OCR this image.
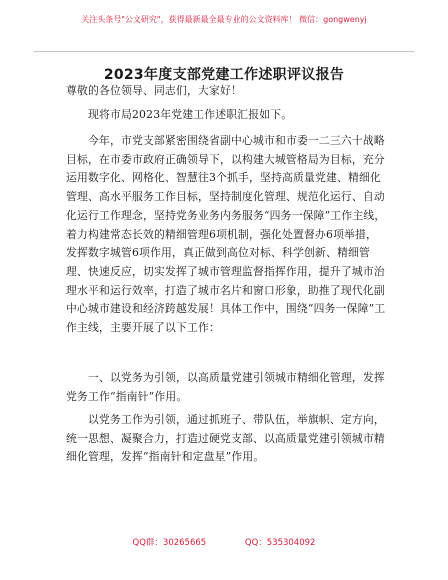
关注头条号"公文研究"，获得最新最全最专业的公文资料库！ 微信：gongwenyj
2023年度支部党建工作述职评议报告

尊敬的各位领导、同志们，大家好！

现将市局2023年党建工作述职汇报如下。

今年，市党支部紧密围绕省副中心城市和市委一二三六十战略目标，在市委市政府正确领导下，以构建大城管格局为目标，充分运用数字化、网格化、智慧往3个抓手，坚持高质量党建、精细化管理、高水平服务工作目标，坚持制度化管理、规范化运行、自动化运行工作理念，坚持党务业务内务服务“四务一保障”工作主线，着力构建常态长效的精细管理6项机制，强化处置督办6项举措，发挥数字城管6项作用，真正做到高位对标、科学创新、精细管理、快速反应，切实发挥了城市管理监督指挥作用，提升了城市治理水平和运行效率，打造了城市名片和窗口形象，助推了现代化副中心城市建设和经济跨越发展！具体工作中，围绕“四务一保障”工作主线，主要开展了以下工作：

一、以党务为引领，以高质量党建引领城市精细化管理，发挥党务工作“指南针”作用。

以党务工作为引领，通过抓班子、带队伍，举旗帜、定方向，统一思想、凝聚合力，打造过硬党支部、以高质量党建引领城市精细化管理，发挥“指南针和定盘星”作用。

QQ群：30265665	QQ：535304092
